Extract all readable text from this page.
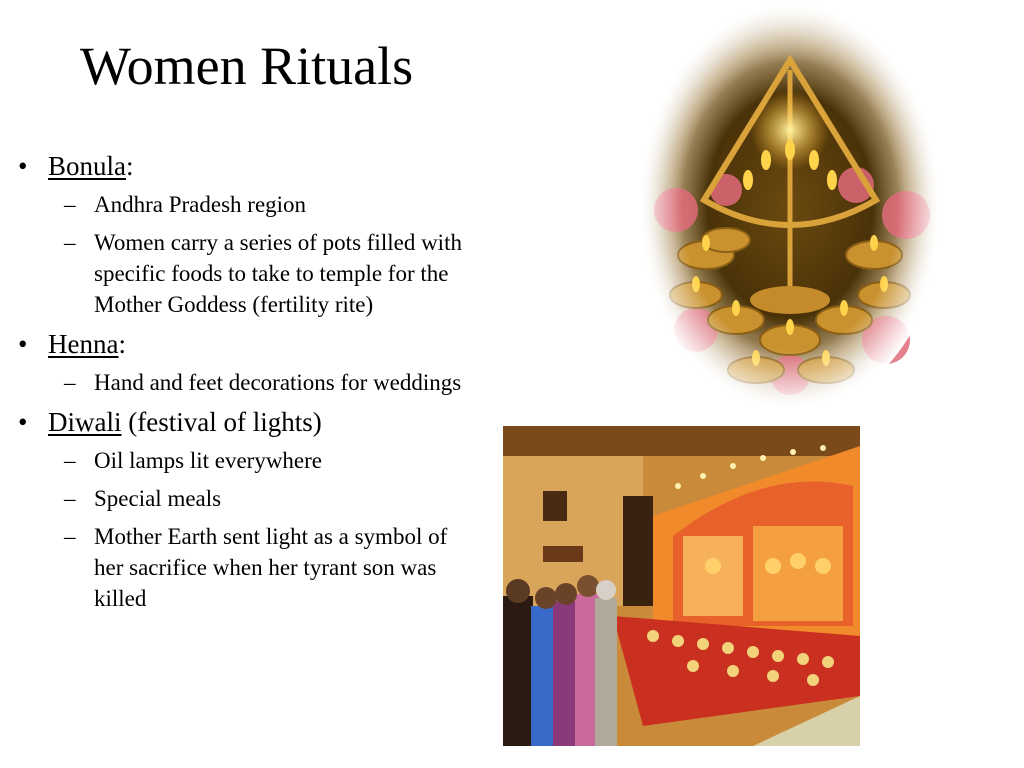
Women Rituals
• Bonula:
– Andhra Pradesh region
– Women carry a series of pots filled with specific foods to take to temple for the Mother Goddess (fertility rite)
• Henna:
– Hand and feet decorations for weddings
• Diwali (festival of lights)
– Oil lamps lit everywhere
– Special meals
– Mother Earth sent light as a symbol of her sacrifice when her tyrant son was killed
